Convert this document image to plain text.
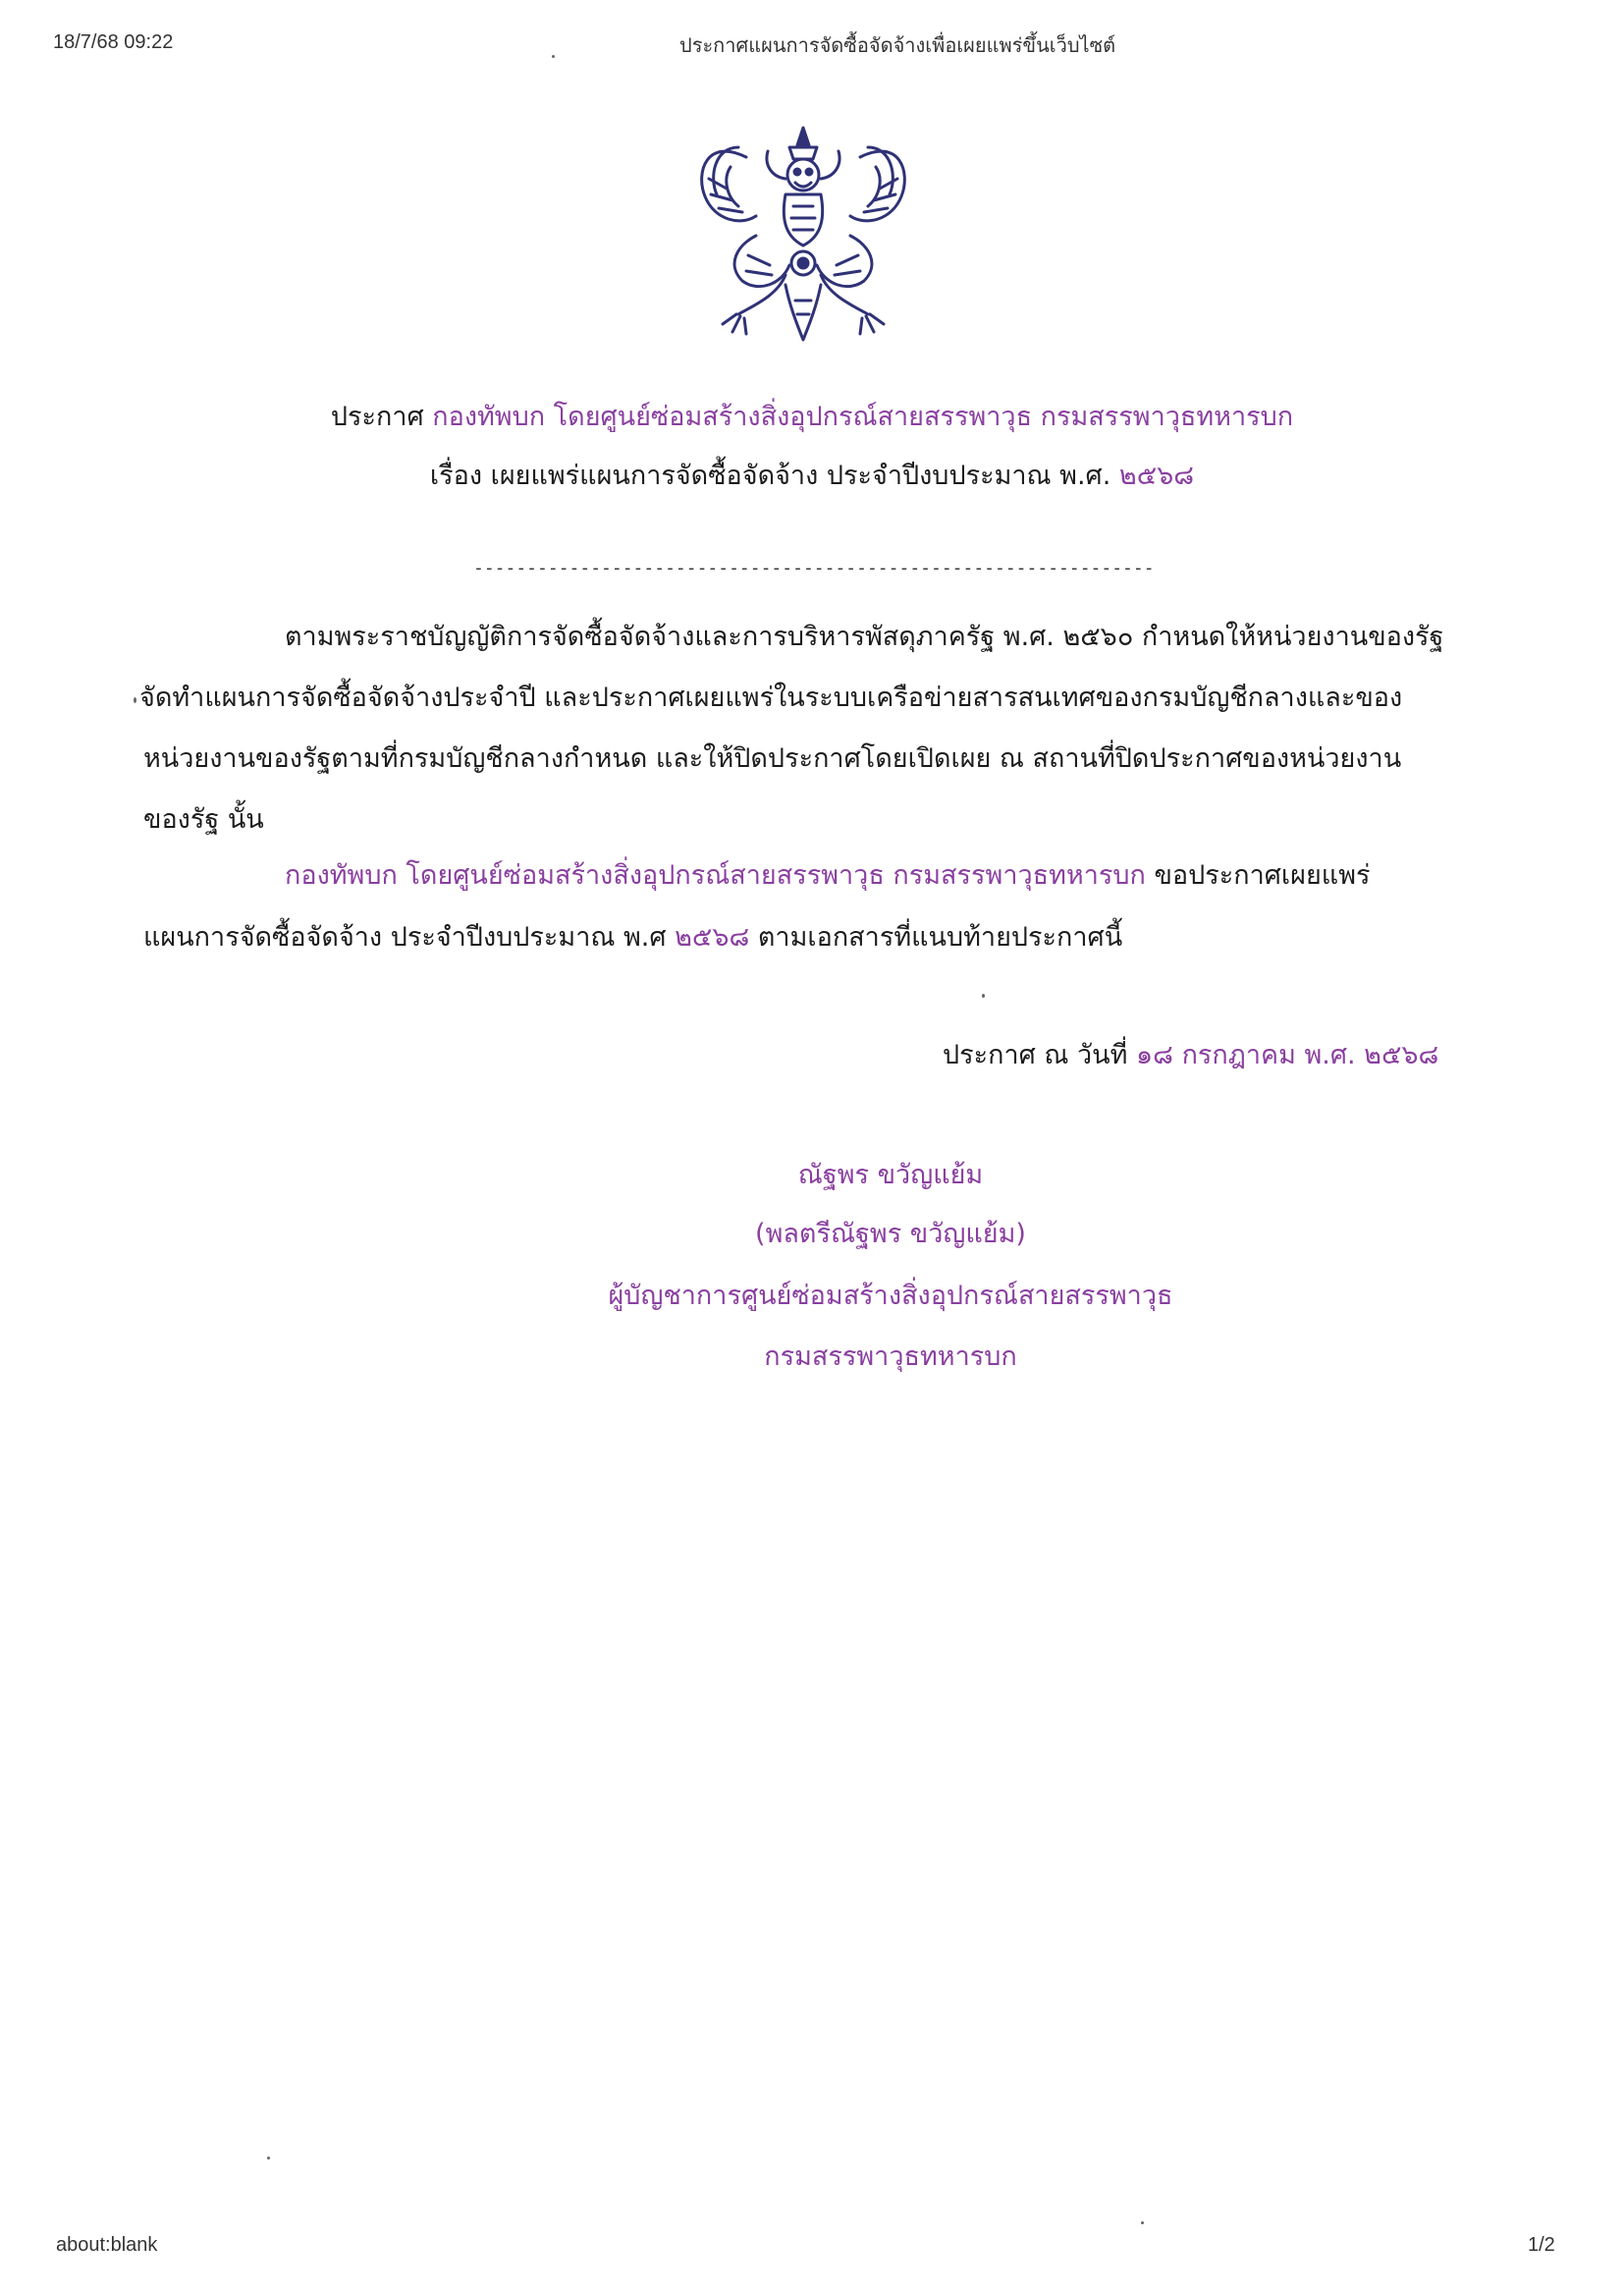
18/7/68 09:22	ประกาศแผนการจัดซื้อจัดจ้างเพื่อเผยแพร่ขึ้นเว็บไซต์
ประกาศ กองทัพบก โดยศูนย์ซ่อมสร้างสิ่งอุปกรณ์สายสรรพาวุธ กรมสรรพาวุธทหารบก
เรื่อง เผยแพร่แผนการจัดซื้อจัดจ้าง ประจำปีงบประมาณ พ.ศ. ๒๕๖๘
----------------------------------------------------------------
ตามพระราชบัญญัติการจัดซื้อจัดจ้างและการบริหารพัสดุภาครัฐ พ.ศ. ๒๕๖๐ กำหนดให้หน่วยงานของรัฐ
จัดทำแผนการจัดซื้อจัดจ้างประจำปี และประกาศเผยแพร่ในระบบเครือข่ายสารสนเทศของกรมบัญชีกลางและของ
หน่วยงานของรัฐตามที่กรมบัญชีกลางกำหนด และให้ปิดประกาศโดยเปิดเผย ณ สถานที่ปิดประกาศของหน่วยงาน
ของรัฐ นั้น
กองทัพบก โดยศูนย์ซ่อมสร้างสิ่งอุปกรณ์สายสรรพาวุธ กรมสรรพาวุธทหารบก ขอประกาศเผยแพร่
แผนการจัดซื้อจัดจ้าง ประจำปีงบประมาณ พ.ศ ๒๕๖๘ ตามเอกสารที่แนบท้ายประกาศนี้
ประกาศ ณ วันที่ ๑๘ กรกฎาคม พ.ศ. ๒๕๖๘
ณัฐพร ขวัญแย้ม
(พลตรีณัฐพร ขวัญแย้ม)
ผู้บัญชาการศูนย์ซ่อมสร้างสิ่งอุปกรณ์สายสรรพาวุธ
กรมสรรพาวุธทหารบก
about:blank	1/2
